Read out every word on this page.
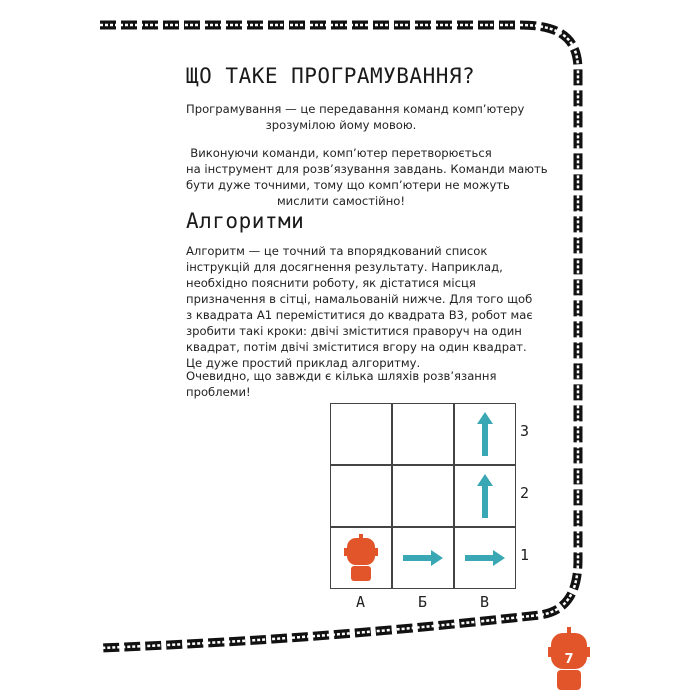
ЩО ТАКЕ ПРОГРАМУВАННЯ?

Програмування — це передавання команд комп’ютеру
зрозумілою йому мовою.

Виконуючи команди, комп’ютер перетворюється
на інструмент для розв’язування завдань. Команди мають
бути дуже точними, тому що комп’ютери не можуть
мислити самостійно!

Алгоритми

Алгоритм — це точний та впорядкований список
інструкцій для досягнення результату. Наприклад,
необхідно пояснити роботу, як дістатися місця
призначення в сітці, намальованій нижче. Для того щоб
з квадрата А1 переміститися до квадрата В3, робот має
зробити такі кроки: двічі зміститися праворуч на один
квадрат, потім двічі зміститися вгору на один квадрат.
Це дуже простий приклад алгоритму.

Очевидно, що завжди є кілька шляхів розв’язання
проблеми!

3
2
1
А	Б	В
7
